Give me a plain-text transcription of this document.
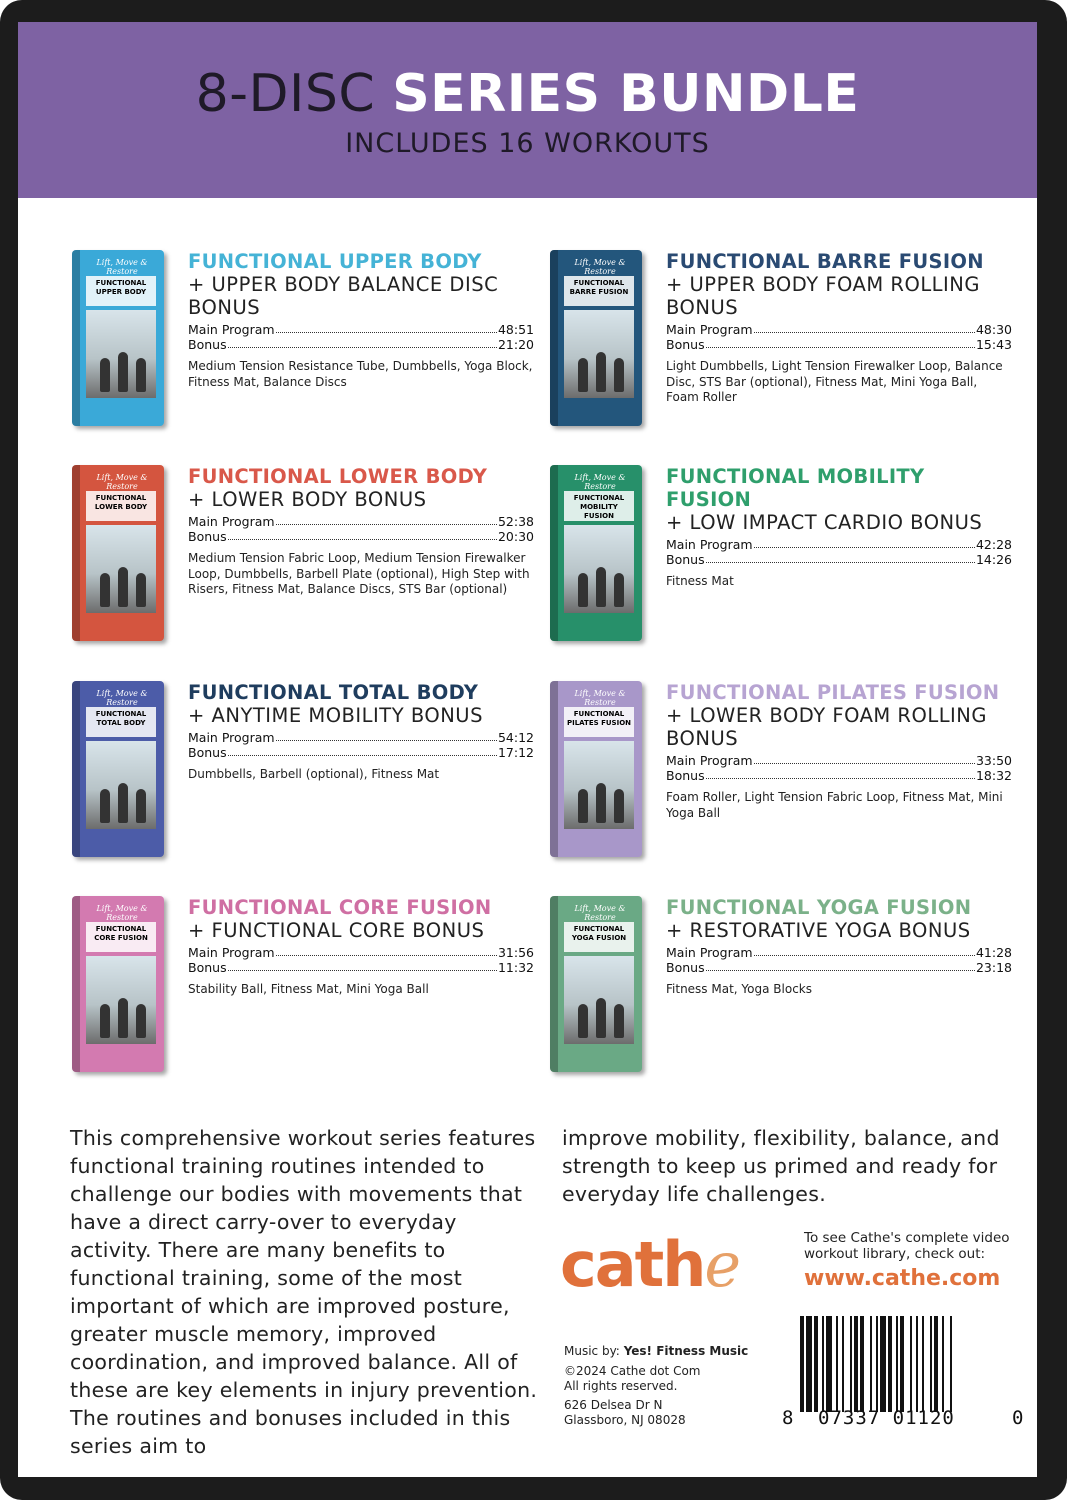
8-DISC SERIES BUNDLE
INCLUDES 16 WORKOUTS
Lift, Move & Restore
FUNCTIONAL UPPER BODY
FUNCTIONAL UPPER BODY
+ UPPER BODY BALANCE DISC BONUS
Main Program	48:51
Bonus	21:20
Medium Tension Resistance Tube, Dumbbells, Yoga Block, Fitness Mat, Balance Discs
Lift, Move & Restore
FUNCTIONAL BARRE FUSION
FUNCTIONAL BARRE FUSION
+ UPPER BODY FOAM ROLLING BONUS
Main Program	48:30
Bonus	15:43
Light Dumbbells, Light Tension Firewalker Loop, Balance Disc, STS Bar (optional), Fitness Mat, Mini Yoga Ball, Foam Roller
Lift, Move & Restore
FUNCTIONAL LOWER BODY
FUNCTIONAL LOWER BODY
+ LOWER BODY BONUS
Main Program	52:38
Bonus	20:30
Medium Tension Fabric Loop, Medium Tension Firewalker Loop, Dumbbells, Barbell Plate (optional), High Step with Risers, Fitness Mat, Balance Discs, STS Bar (optional)
Lift, Move & Restore
FUNCTIONAL MOBILITY FUSION
FUNCTIONAL MOBILITY FUSION
+ LOW IMPACT CARDIO BONUS
Main Program	42:28
Bonus	14:26
Fitness Mat
Lift, Move & Restore
FUNCTIONAL TOTAL BODY
FUNCTIONAL TOTAL BODY
+ ANYTIME MOBILITY BONUS
Main Program	54:12
Bonus	17:12
Dumbbells, Barbell (optional), Fitness Mat
Lift, Move & Restore
FUNCTIONAL PILATES FUSION
FUNCTIONAL PILATES FUSION
+ LOWER BODY FOAM ROLLING BONUS
Main Program	33:50
Bonus	18:32
Foam Roller, Light Tension Fabric Loop, Fitness Mat, Mini Yoga Ball
Lift, Move & Restore
FUNCTIONAL CORE FUSION
FUNCTIONAL CORE FUSION
+ FUNCTIONAL CORE BONUS
Main Program	31:56
Bonus	11:32
Stability Ball, Fitness Mat, Mini Yoga Ball
Lift, Move & Restore
FUNCTIONAL YOGA FUSION
FUNCTIONAL YOGA FUSION
+ RESTORATIVE YOGA BONUS
Main Program	41:28
Bonus	23:18
Fitness Mat, Yoga Blocks
This comprehensive workout series features functional training routines intended to challenge our bodies with movements that have a direct carry-over to everyday activity. There are many benefits to functional training, some of the most important of which are improved posture, greater muscle memory, improved coordination, and improved balance. All of these are key elements in injury prevention. The routines and bonuses included in this series aim to
improve mobility, flexibility, balance, and strength to keep us primed and ready for everyday life challenges.
cathe
Music by: Yes! Fitness Music
©2024 Cathe dot Com
All rights reserved.
626 Delsea Dr N
Glassboro, NJ 08028
To see Cathe's complete video workout library, check out:
www.cathe.com
8 07337 01120	0
